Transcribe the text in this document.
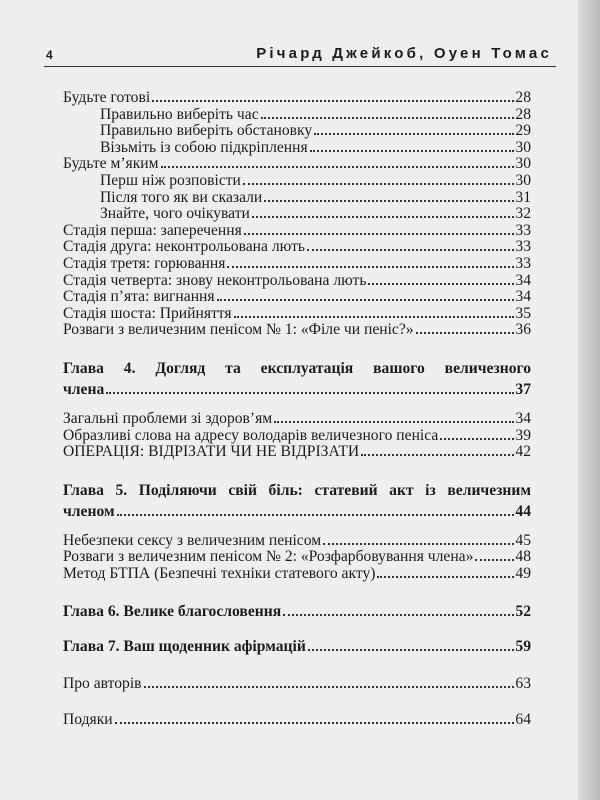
4	Річард Джейкоб, Оуен Томас
Будьте готові	28
Правильно виберіть час	28
Правильно виберіть обстановку	29
Візьміть із собою підкріплення	30
Будьте м’яким	30
Перш ніж розповісти	30
Після того як ви сказали	31
Знайте, чого очікувати	32
Стадія перша: заперечення	33
Стадія друга: неконтрольована лють	33
Стадія третя: горювання	33
Стадія четверта: знову неконтрольована лють	34
Стадія п’ята: вигнання	34
Стадія шоста: Прийняття	35
Розваги з величезним пенісом № 1: «Філе чи пеніс?»	36
Глава 4. Догляд та експлуатація вашого величезного
члена	37
Загальні проблеми зі здоров’ям	34
Образливі слова на адресу володарів величезного пеніса	39
ОПЕРАЦІЯ: ВІДРІЗАТИ ЧИ НЕ ВІДРІЗАТИ	42
Глава 5. Поділяючи свій біль: статевий акт із величезним
членом	44
Небезпеки сексу з величезним пенісом	45
Розваги з величезним пенісом № 2: «Розфарбовування члена»	48
Метод БТПА (Безпечні техніки статевого акту)	49
Глава 6. Велике благословення	52
Глава 7. Ваш щоденник афірмацій	59
Про авторів	63
Подяки	64
